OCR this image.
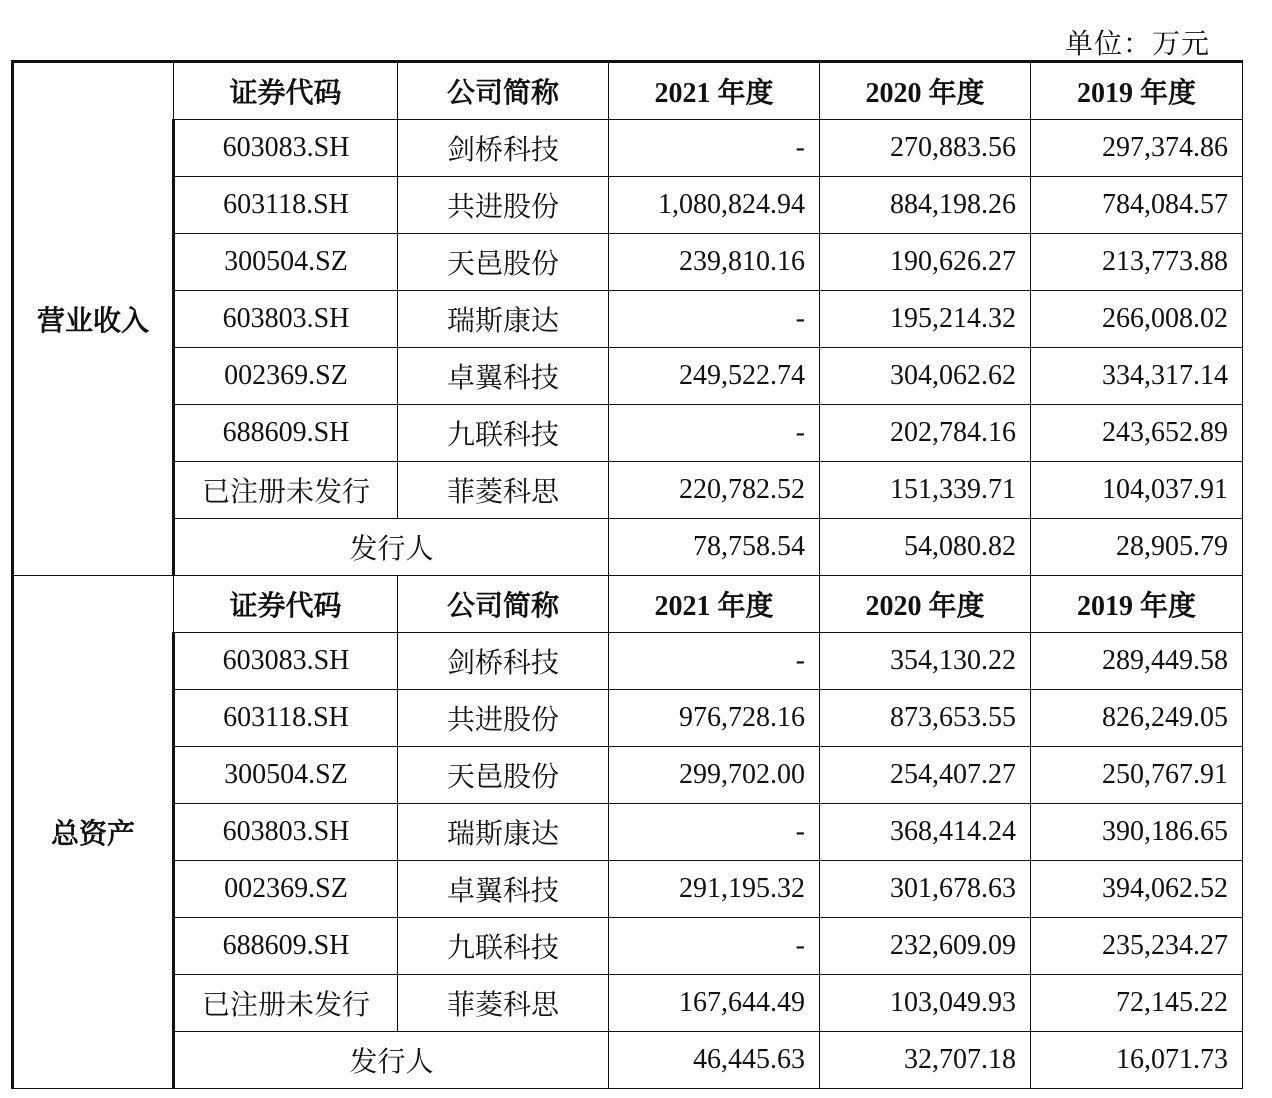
单位：万元
营业收入	证券代码	公司简称	2021 年度	2020 年度	2019 年度
	603083.SH	剑桥科技	-	270,883.56	297,374.86
	603118.SH	共进股份	1,080,824.94	884,198.26	784,084.57
	300504.SZ	天邑股份	239,810.16	190,626.27	213,773.88
	603803.SH	瑞斯康达	-	195,214.32	266,008.02
	002369.SZ	卓翼科技	249,522.74	304,062.62	334,317.14
	688609.SH	九联科技	-	202,784.16	243,652.89
	已注册未发行	菲菱科思	220,782.52	151,339.71	104,037.91
	发行人		78,758.54	54,080.82	28,905.79
总资产	证券代码	公司简称	2021 年度	2020 年度	2019 年度
	603083.SH	剑桥科技	-	354,130.22	289,449.58
	603118.SH	共进股份	976,728.16	873,653.55	826,249.05
	300504.SZ	天邑股份	299,702.00	254,407.27	250,767.91
	603803.SH	瑞斯康达	-	368,414.24	390,186.65
	002369.SZ	卓翼科技	291,195.32	301,678.63	394,062.52
	688609.SH	九联科技	-	232,609.09	235,234.27
	已注册未发行	菲菱科思	167,644.49	103,049.93	72,145.22
	发行人		46,445.63	32,707.18	16,071.73
